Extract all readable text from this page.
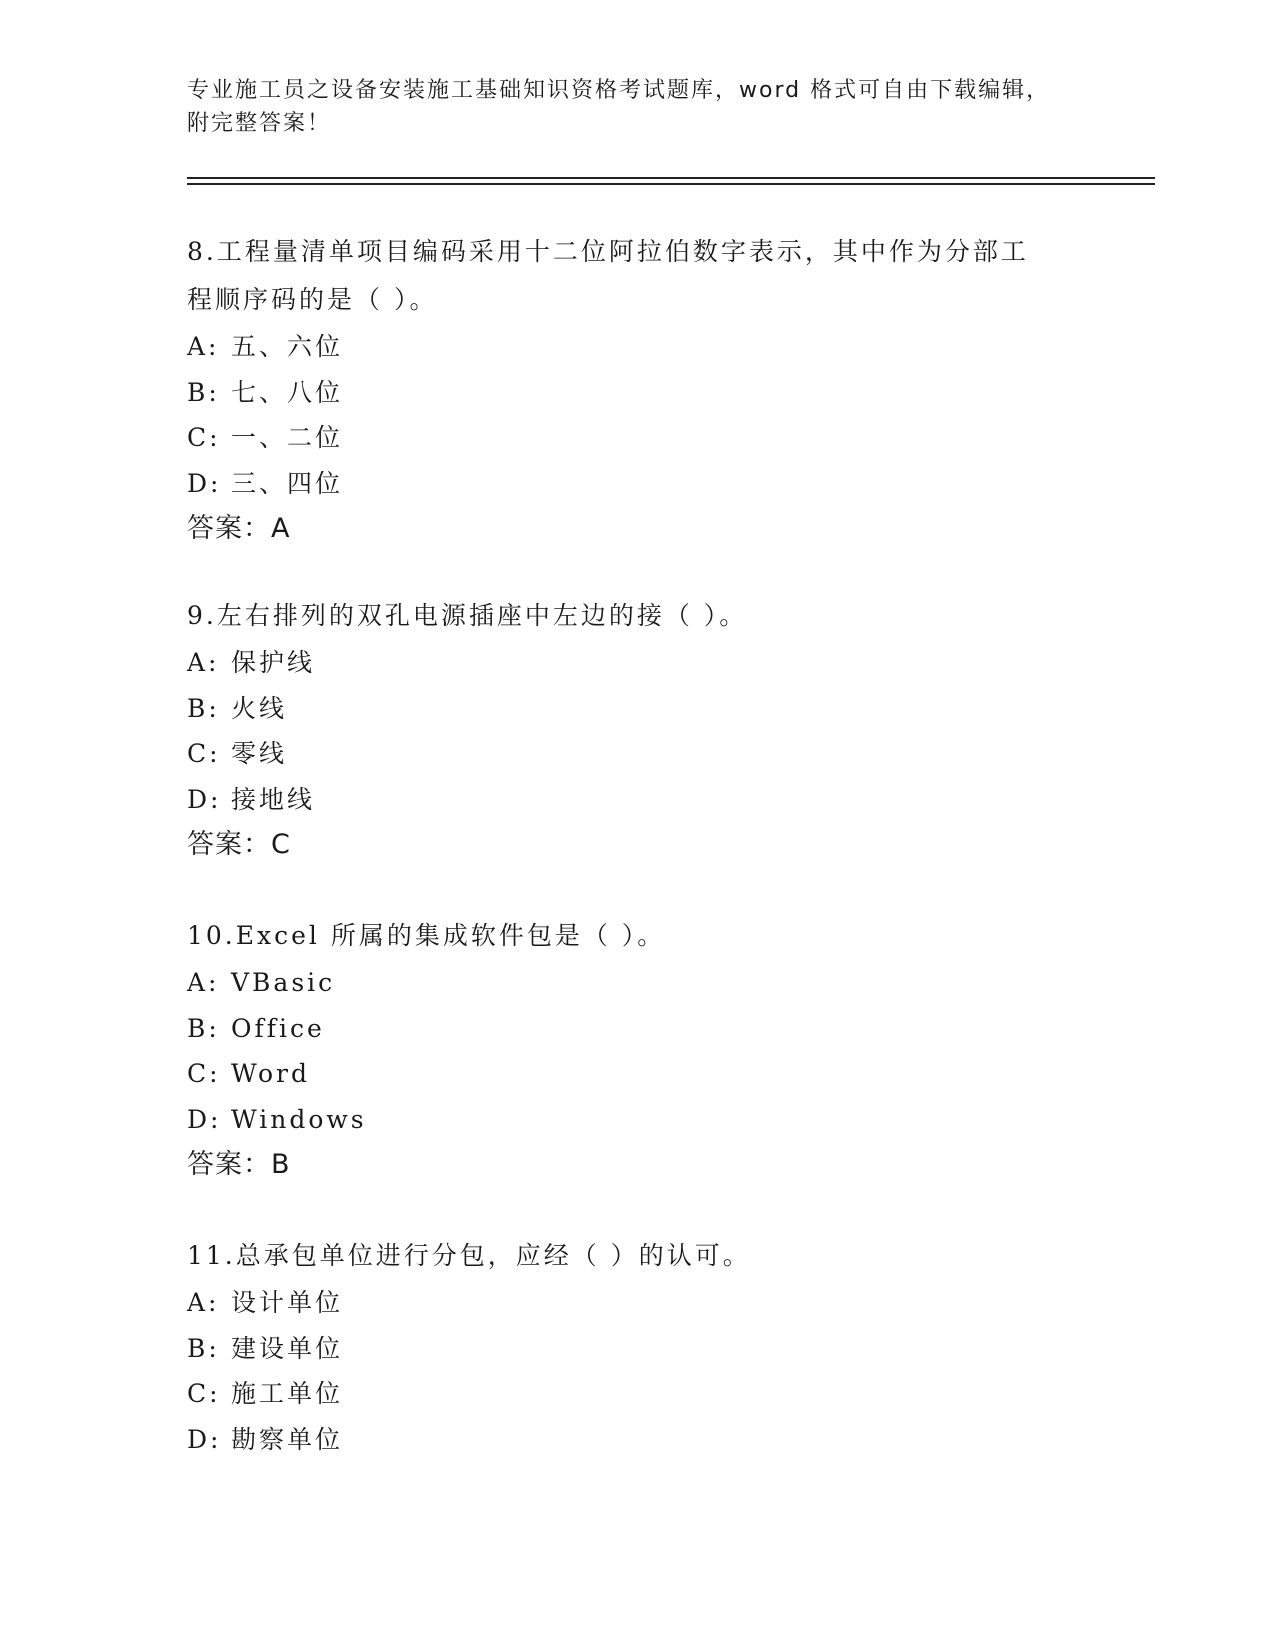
专业施工员之设备安装施工基础知识资格考试题库，word 格式可自由下载编辑，
附完整答案！
8.工程量清单项目编码采用十二位阿拉伯数字表示，其中作为分部工
程顺序码的是（ ）。
A: 五、六位
B: 七、八位
C: 一、二位
D: 三、四位
答案：A
9.左右排列的双孔电源插座中左边的接（ ）。
A: 保护线
B: 火线
C: 零线
D: 接地线
答案：C
10.Excel 所属的集成软件包是（ ）。
A: VBasic
B: Office
C: Word
D: Windows
答案：B
11.总承包单位进行分包，应经（ ）的认可。
A: 设计单位
B: 建设单位
C: 施工单位
D: 勘察单位
